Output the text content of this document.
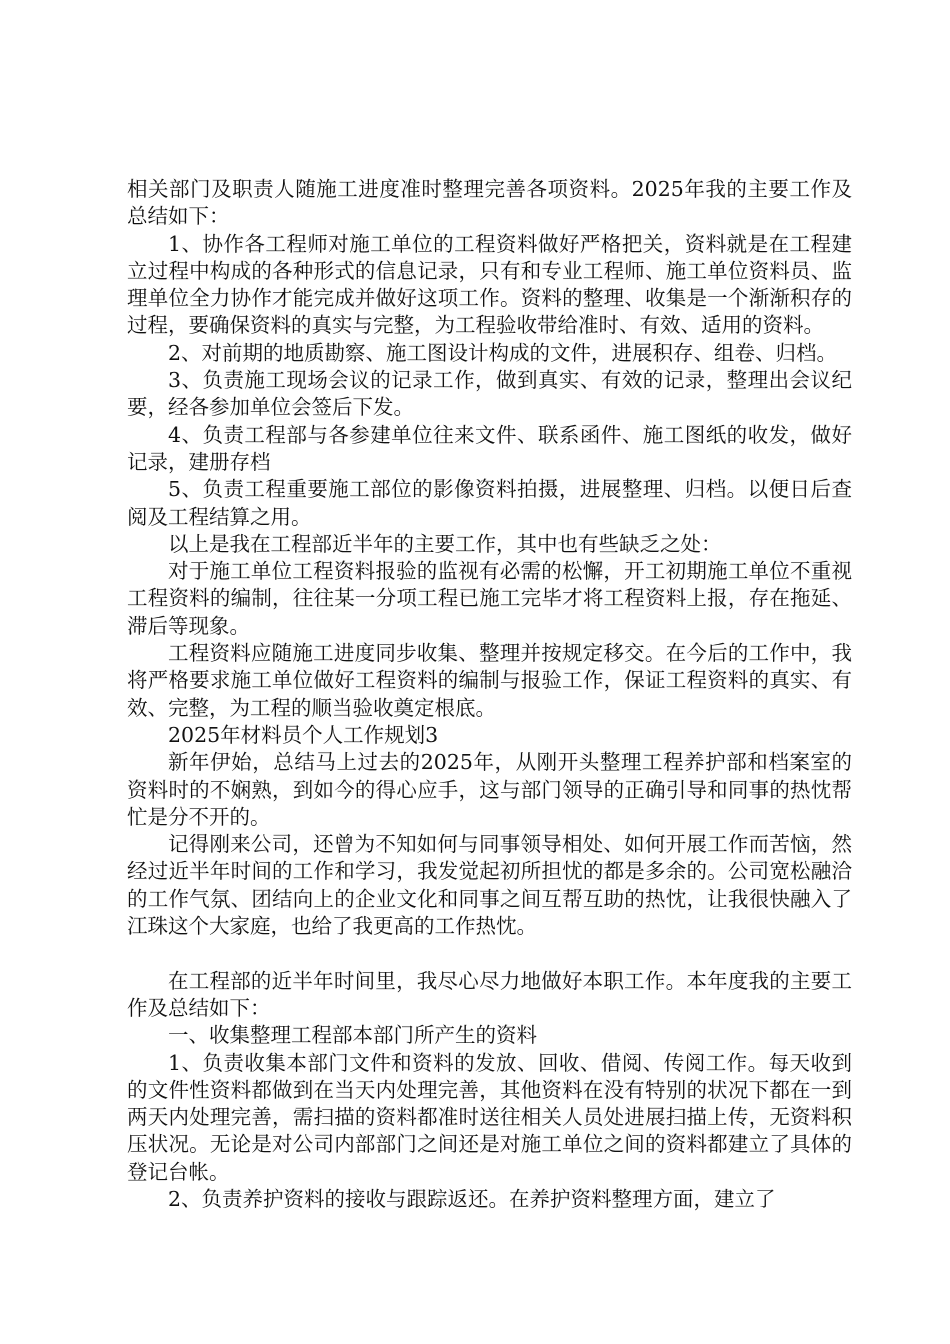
相关部门及职责人随施工进度准时整理完善各项资料。2025年我的主要工作及总结如下：

1、协作各工程师对施工单位的工程资料做好严格把关，资料就是在工程建立过程中构成的各种形式的信息记录，只有和专业工程师、施工单位资料员、监理单位全力协作才能完成并做好这项工作。资料的整理、收集是一个渐渐积存的过程，要确保资料的真实与完整，为工程验收带给准时、有效、适用的资料。

2、对前期的地质勘察、施工图设计构成的文件，进展积存、组卷、归档。

3、负责施工现场会议的记录工作，做到真实、有效的记录，整理出会议纪要，经各参加单位会签后下发。

4、负责工程部与各参建单位往来文件、联系函件、施工图纸的收发，做好记录，建册存档

5、负责工程重要施工部位的影像资料拍摄，进展整理、归档。以便日后查阅及工程结算之用。

以上是我在工程部近半年的主要工作，其中也有些缺乏之处：

对于施工单位工程资料报验的监视有必需的松懈，开工初期施工单位不重视工程资料的编制，往往某一分项工程已施工完毕才将工程资料上报，存在拖延、滞后等现象。

工程资料应随施工进度同步收集、整理并按规定移交。在今后的工作中，我将严格要求施工单位做好工程资料的编制与报验工作，保证工程资料的真实、有效、完整，为工程的顺当验收奠定根底。

2025年材料员个人工作规划3

新年伊始，总结马上过去的2025年，从刚开头整理工程养护部和档案室的资料时的不娴熟，到如今的得心应手，这与部门领导的正确引导和同事的热忱帮忙是分不开的。

记得刚来公司，还曾为不知如何与同事领导相处、如何开展工作而苦恼，然经过近半年时间的工作和学习，我发觉起初所担忧的都是多余的。公司宽松融洽的工作气氛、团结向上的企业文化和同事之间互帮互助的热忱，让我很快融入了江珠这个大家庭，也给了我更高的工作热忱。

在工程部的近半年时间里，我尽心尽力地做好本职工作。本年度我的主要工作及总结如下：

一、收集整理工程部本部门所产生的资料

1、负责收集本部门文件和资料的发放、回收、借阅、传阅工作。每天收到的文件性资料都做到在当天内处理完善，其他资料在没有特别的状况下都在一到两天内处理完善，需扫描的资料都准时送往相关人员处进展扫描上传，无资料积压状况。无论是对公司内部部门之间还是对施工单位之间的资料都建立了具体的登记台帐。

2、负责养护资料的接收与跟踪返还。在养护资料整理方面，建立了
